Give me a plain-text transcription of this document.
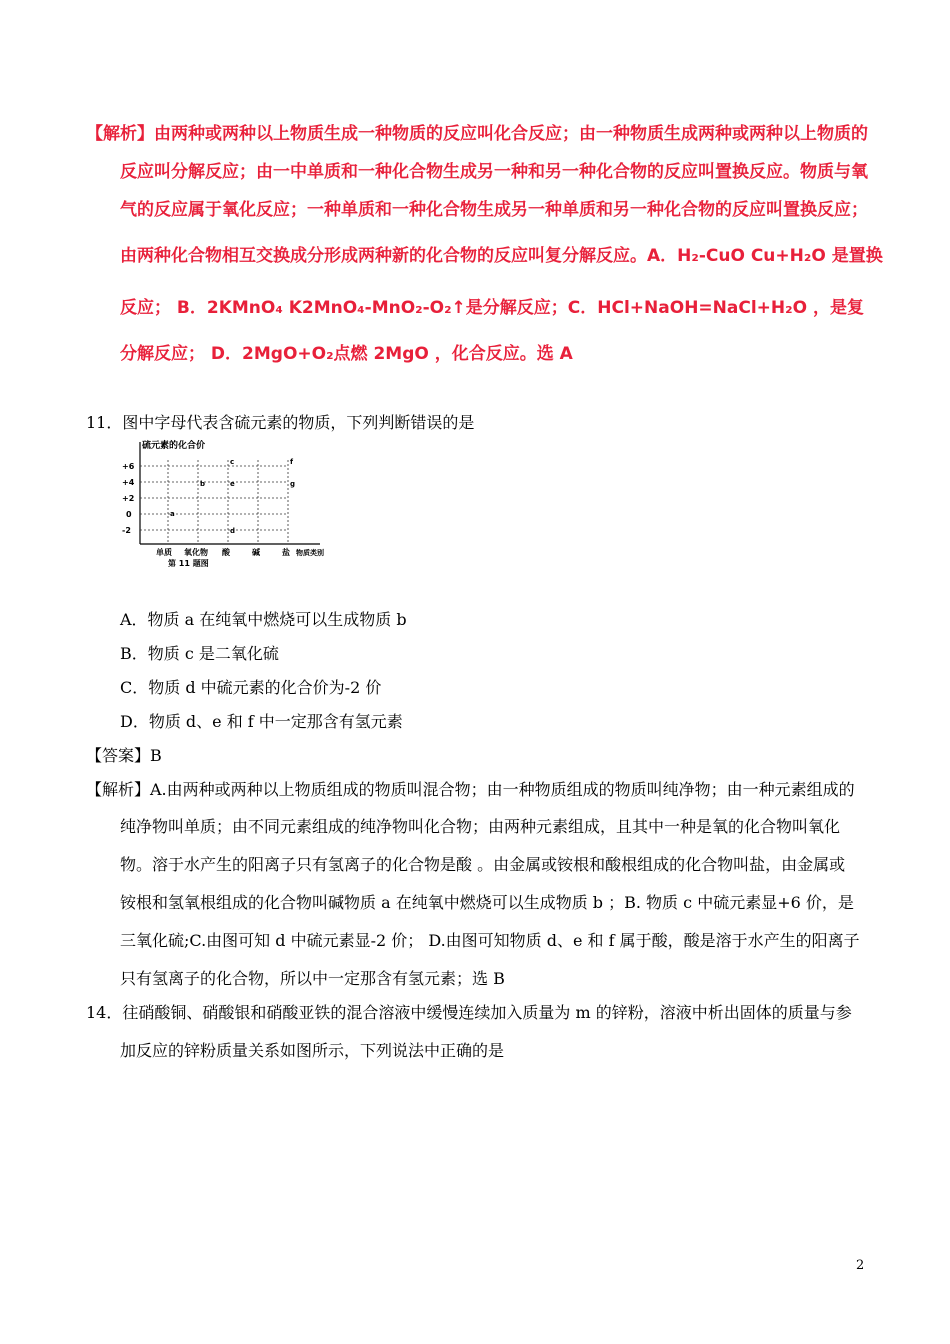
【解析】由两种或两种以上物质生成一种物质的反应叫化合反应；由一种物质生成两种或两种以上物质的
反应叫分解反应；由一中单质和一种化合物生成另一种和另一种化合物的反应叫置换反应。物质与氧
气的反应属于氧化反应；一种单质和一种化合物生成另一种单质和另一种化合物的反应叫置换反应；
由两种化合物相互交换成分形成两种新的化合物的反应叫复分解反应。A．H₂-CuO Cu+H₂O 是置换
反应； B．2KMnO₄ K2MnO₄-MnO₂-O₂↑是分解反应；C．HCl+NaOH=NaCl+H₂O ，是复
分解反应； D．2MgO+O₂点燃 2MgO ，化合反应。选 A
11．图中字母代表含硫元素的物质，下列判断错误的是
硫元素的化合价
+6
+4
+2
0
-2
a
b
c
d
e
f
g
单质 氧化物 酸	碱	盐 物质类别
第 11 题图
A．物质 a 在纯氧中燃烧可以生成物质 b
B．物质 c 是二氧化硫
C．物质 d 中硫元素的化合价为-2 价
D．物质 d、e 和 f 中一定那含有氢元素
【答案】B
【解析】A.由两种或两种以上物质组成的物质叫混合物；由一种物质组成的物质叫纯净物；由一种元素组成的
纯净物叫单质；由不同元素组成的纯净物叫化合物；由两种元素组成，且其中一种是氧的化合物叫氧化
物。溶于水产生的阳离子只有氢离子的化合物是酸 。由金属或铵根和酸根组成的化合物叫盐，由金属或
铵根和氢氧根组成的化合物叫碱物质 a 在纯氧中燃烧可以生成物质 b ；B. 物质 c 中硫元素显+6 价，是
三氧化硫;C.由图可知 d 中硫元素显-2 价； D.由图可知物质 d、e 和 f 属于酸，酸是溶于水产生的阳离子
只有氢离子的化合物，所以中一定那含有氢元素；选 B
14．往硝酸铜、硝酸银和硝酸亚铁的混合溶液中缓慢连续加入质量为 m 的锌粉，溶液中析出固体的质量与参
加反应的锌粉质量关系如图所示，下列说法中正确的是
2
